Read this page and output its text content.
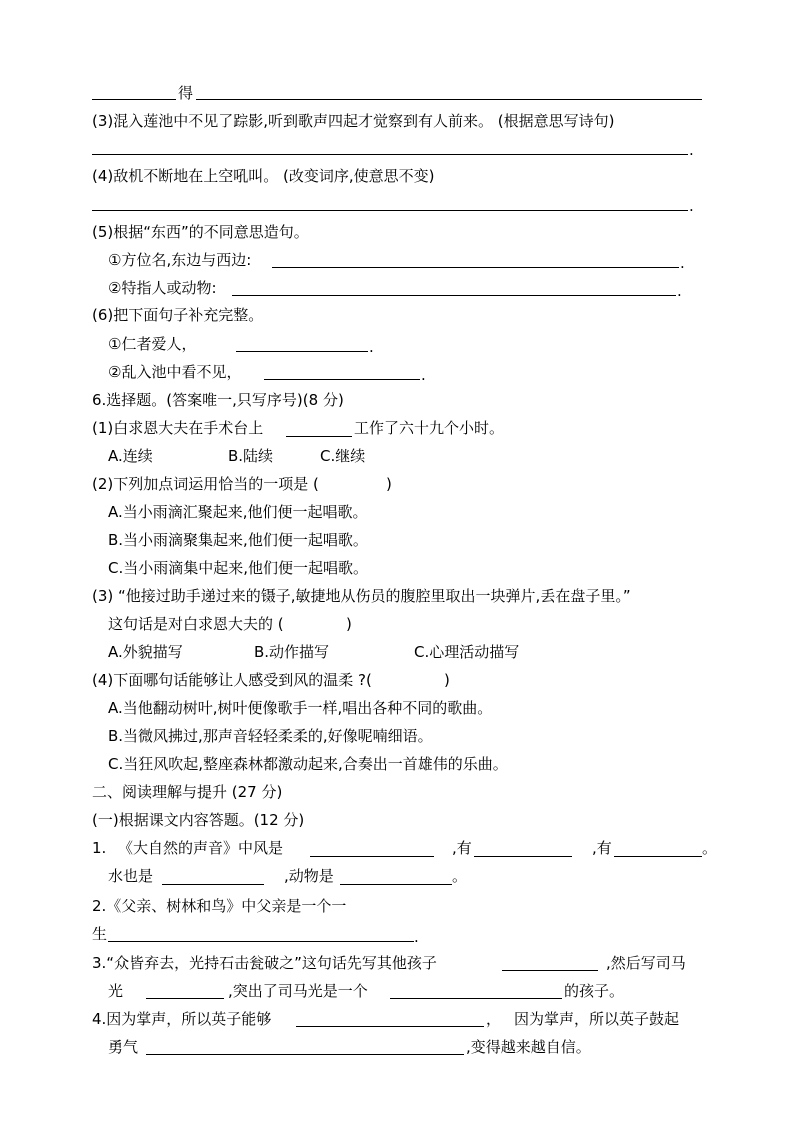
得
(3)混入莲池中不见了踪影,听到歌声四起才觉察到有人前来。 (根据意思写诗句)
.
(4)敌机不断地在上空吼叫。 (改变词序,使意思不变)
.
(5)根据“东西”的不同意思造句。
①方位名,东边与西边:	.
②特指人或动物:	.
(6)把下面句子补充完整。
①仁者爱人，	.
②乱入池中看不见，	.
6.选择题。(答案唯一,只写序号)(8 分)
(1)白求恩大夫在手术台上	工作了六十九个小时。
A.连续	B.陆续	C.继续
(2)下列加点词运用恰当的一项是 (	)
A.当小雨滴汇聚起来,他们便一起唱歌。
B.当小雨滴聚集起来,他们便一起唱歌。
C.当小雨滴集中起来,他们便一起唱歌。
(3) “他接过助手递过来的镊子,敏捷地从伤员的腹腔里取出一块弹片,丢在盘子里。”
这句话是对白求恩大夫的 (	)
A.外貌描写	B.动作描写	C.心理活动描写
(4)下面哪句话能够让人感受到风的温柔 ?(	)
A.当他翻动树叶,树叶便像歌手一样,唱出各种不同的歌曲。
B.当微风拂过,那声音轻轻柔柔的,好像呢喃细语。
C.当狂风吹起,整座森林都激动起来,合奏出一首雄伟的乐曲。
二、阅读理解与提升 (27 分)
(一)根据课文内容答题。(12 分)
1. 《大自然的声音》中风是	,有	,有	。
水也是	,动物是	。
2.《父亲、树林和鸟》中父亲是一个一
生	.
3.“众皆弃去，光持石击瓮破之”这句话先写其他孩子	,然后写司马
光	,突出了司马光是一个	的孩子。
4.因为掌声，所以英子能够	， 因为掌声，所以英子鼓起
勇气	,变得越来越自信。
